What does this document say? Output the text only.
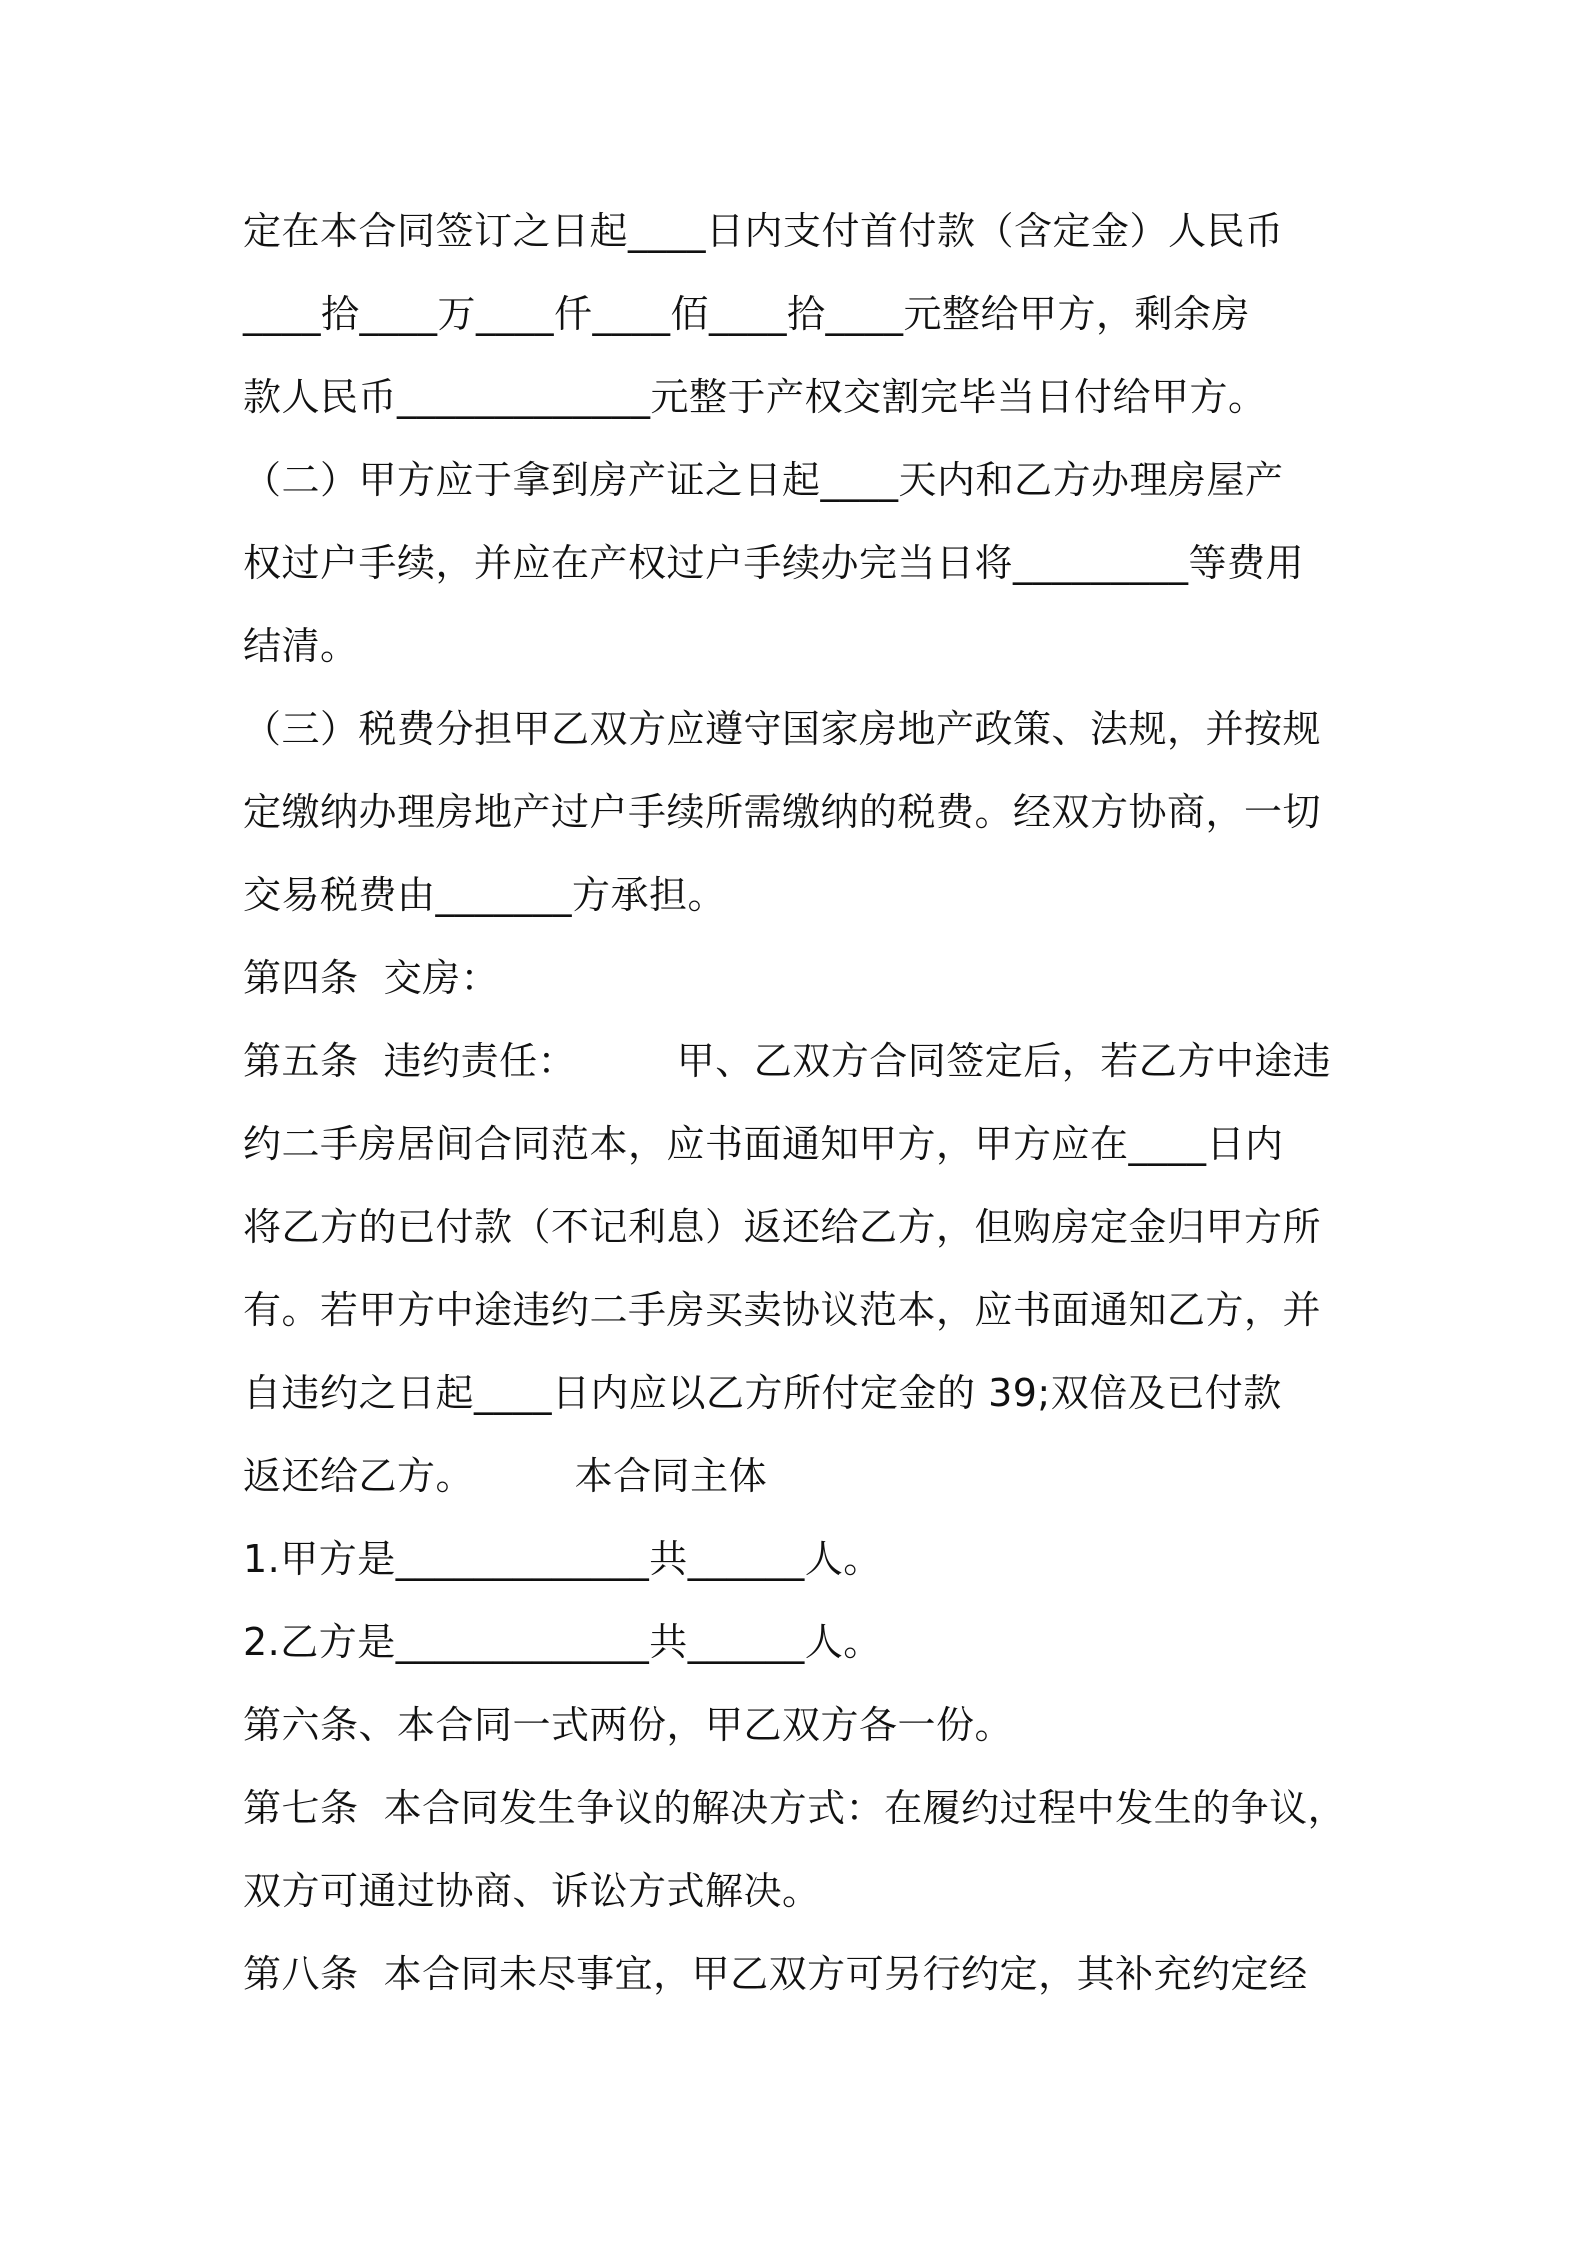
定在本合同签订之日起____日内支付首付款（含定金）人民币
____拾____万____仟____佰____拾____元整给甲方，剩余房
款人民币_____________元整于产权交割完毕当日付给甲方。
（二）甲方应于拿到房产证之日起____天内和乙方办理房屋产
权过户手续，并应在产权过户手续办完当日将_________等费用
结清。
（三）税费分担甲乙双方应遵守国家房地产政策、法规，并按规
定缴纳办理房地产过户手续所需缴纳的税费。经双方协商，一切
交易税费由_______方承担。
第四条  交房：
第五条  违约责任：        甲、乙双方合同签定后，若乙方中途违
约二手房居间合同范本，应书面通知甲方，甲方应在____日内
将乙方的已付款（不记利息）返还给乙方，但购房定金归甲方所
有。若甲方中途违约二手房买卖协议范本，应书面通知乙方，并
自违约之日起____日内应以乙方所付定金的 39;双倍及已付款
返还给乙方。        本合同主体
1.甲方是_____________共______人。
2.乙方是_____________共______人。
第六条、本合同一式两份，甲乙双方各一份。
第七条  本合同发生争议的解决方式：在履约过程中发生的争议，
双方可通过协商、诉讼方式解决。
第八条  本合同未尽事宜，甲乙双方可另行约定，其补充约定经
